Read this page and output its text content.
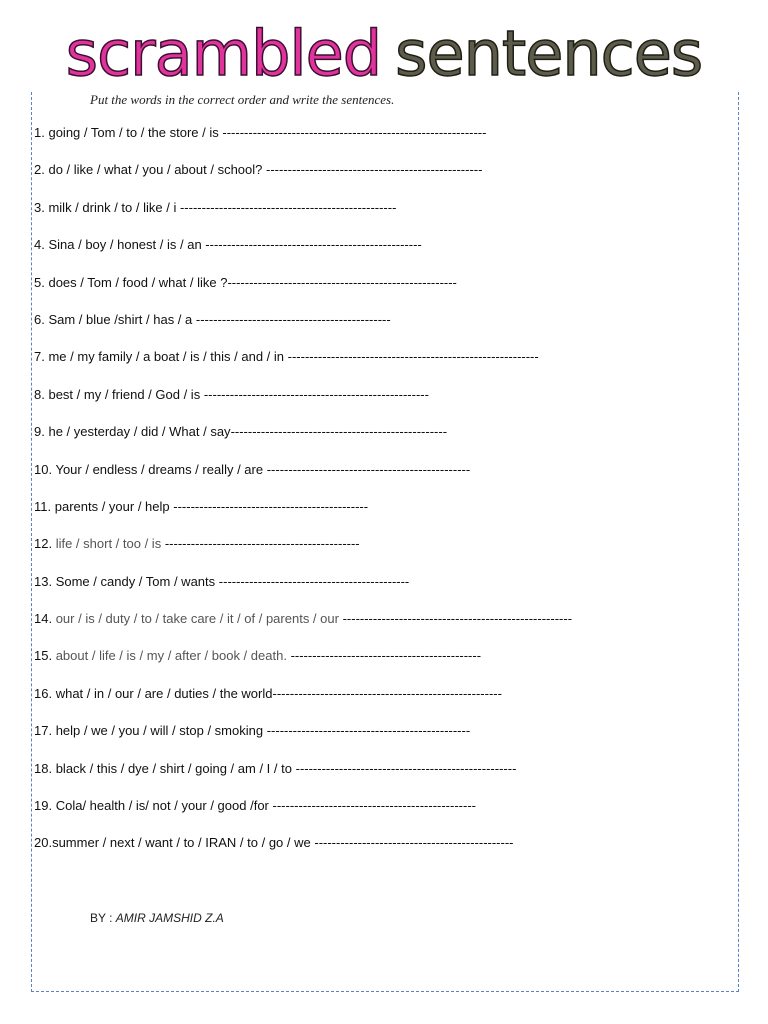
scrambled sentences
Put the words in the correct order and write the sentences.
1. going / Tom / to / the store / is -------------------------------------------------------------
2. do / like / what / you / about / school? --------------------------------------------------
3. milk / drink / to / like / i --------------------------------------------------
4. Sina / boy / honest / is / an --------------------------------------------------
5. does / Tom / food / what / like ?-----------------------------------------------------
6. Sam / blue /shirt / has / a ---------------------------------------------
7. me / my family / a boat / is / this / and / in ----------------------------------------------------------
8. best / my / friend / God / is ----------------------------------------------------
9. he / yesterday / did / What / say--------------------------------------------------
10. Your / endless / dreams / really / are -----------------------------------------------
11. parents / your / help ---------------------------------------------
12. life / short / too / is ---------------------------------------------
13. Some / candy / Tom / wants --------------------------------------------
14. our / is / duty / to / take care / it / of / parents / our -----------------------------------------------------
15. about / life / is / my / after / book / death. --------------------------------------------
16. what / in / our / are / duties / the world-----------------------------------------------------
17. help / we / you / will / stop / smoking -----------------------------------------------
18. black / this / dye / shirt / going / am / I / to ---------------------------------------------------
19. Cola/ health / is/ not / your / good /for -----------------------------------------------
20.summer / next / want / to / IRAN / to / go / we ----------------------------------------------
BY : AMIR JAMSHID Z.A
